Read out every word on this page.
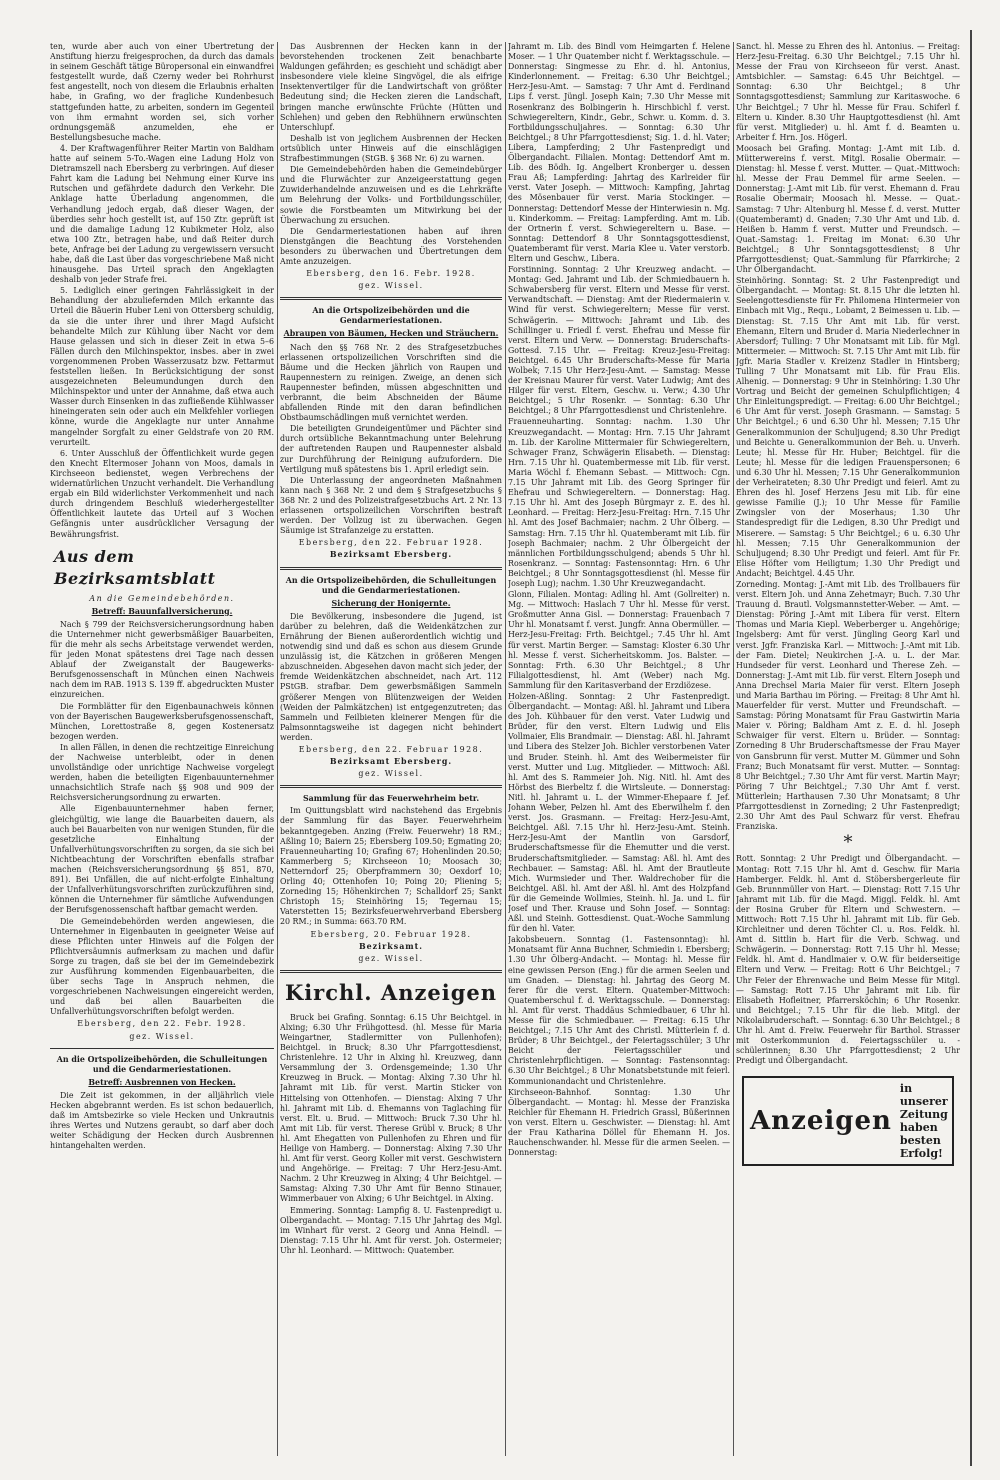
ten, wurde aber auch von einer Übertretung der Anstiftung hierzu freigesprochen, da durch das damals in seinem Geschäft tätige Büropersonal ein einwandfrei festgestellt wurde, daß Czerny weder bei Rohrhurst fest angestellt, noch von diesem die Erlaubnis erhalten habe, in Grafing, wo der fragliche Kundenbesuch stattgefunden hatte, zu arbeiten, sondern im Gegenteil von ihm ermahnt worden sei, sich vorher ordnungsgemäß anzumelden, ehe er Bestellungsbesuche mache.

4. Der Kraftwagenführer Reiter Martin von Baldham hatte auf seinem 5-To.-Wagen eine Ladung Holz von Dietramszell nach Ebersberg zu verbringen. Auf dieser Fahrt kam die Ladung bei Nehmung einer Kurve ins Rutschen und gefährdete dadurch den Verkehr. Die Anklage hatte Überladung angenommen, die Verhandlung jedoch ergab, daß dieser Wagen, der überdies sehr hoch gestellt ist, auf 150 Ztr. geprüft ist und die damalige Ladung 12 Kubikmeter Holz, also etwa 100 Ztr., betragen habe, und daß Reiter durch bete, Anfrage bei der Ladung zu vergewissern versucht habe, daß die Last über das vorgeschriebene Maß nicht hinausgehe. Das Urteil sprach den Angeklagten deshalb von jeder Strafe frei.

5. Lediglich einer geringen Fahrlässigkeit in der Behandlung der abzuliefernden Milch erkannte das Urteil die Bäuerin Huber Leni von Ottersberg schuldig, da sie die unter ihrer und ihrer Magd Aufsicht behandelte Milch zur Kühlung über Nacht vor dem Hause gelassen und sich in dieser Zeit in etwa 5–6 Fällen durch den Milchinspektor, insbes. aber in zwei vorgenommenen Proben Wasserzusatz bzw. Fettarmut feststellen ließen. In Berücksichtigung der sonst ausgezeichneten Beleumundungen durch den Milchinspektor und unter der Annahme, daß etwa auch Wasser durch Einsenken in das zufließende Kühlwasser hineingeraten sein oder auch ein Melkfehler vorliegen könne, wurde die Angeklagte nur unter Annahme mangelnder Sorgfalt zu einer Geldstrafe von 20 RM. verurteilt.

6. Unter Ausschluß der Öffentlichkeit wurde gegen den Knecht Eltermoser Johann von Moos, damals in Kirchseeon bedienstet, wegen Verbrechens der widernatürlichen Unzucht verhandelt. Die Verhandlung ergab ein Bild widerlichster Verkommenheit und nach durch dringendem Beschluß wiederhergestellter Öffentlichkeit lautete das Urteil auf 3 Wochen Gefängnis unter ausdrücklicher Versagung der Bewährungsfrist.

Aus dem Bezirksamtsblatt
An die Gemeindebehörden.
Betreff: Bauunfallversicherung.

Nach § 799 der Reichsversicherungsordnung haben die Unternehmer nicht gewerbsmäßiger Bauarbeiten, für die mehr als sechs Arbeitstage verwendet werden, für jeden Monat spätestens drei Tage nach dessen Ablauf der Zweiganstalt der Baugewerks-Berufsgenossenschaft in München einen Nachweis nach dem im RAB. 1913 S. 139 ff. abgedruckten Muster einzureichen.

Die Formblätter für den Eigenbaunachweis können von der Bayerischen Baugewerksberufsgenossenschaft, München, Lorettostraße 8, gegen Kostenersatz bezogen werden.

In allen Fällen, in denen die rechtzeitige Einreichung der Nachweise unterbleibt, oder in denen unvollständige oder unrichtige Nachweise vorgelegt werden, haben die beteiligten Eigenbauunternehmer unnachsichtlich Strafe nach §§ 908 und 909 der Reichsversicherungsordnung zu erwarten.

Alle Eigenbauunternehmer haben ferner, gleichgültig, wie lange die Bauarbeiten dauern, als auch bei Bauarbeiten von nur wenigen Stunden, für die gesetzliche Einhaltung der Unfallverhütungsvorschriften zu sorgen, da sie sich bei Nichtbeachtung der Vorschriften ebenfalls strafbar machen (Reichsversicherungsordnung §§ 851, 870, 891). Bei Unfällen, die auf nicht-erfolgte Einhaltung der Unfallverhütungsvorschriften zurückzuführen sind, können die Unternehmer für sämtliche Aufwendungen der Berufsgenossenschaft haftbar gemacht werden.

Die Gemeindebehörden werden angewiesen, die Unternehmer in Eigenbauten in geeigneter Weise auf diese Pflichten unter Hinweis auf die Folgen der Pflichtversäumnis aufmerksam zu machen und dafür Sorge zu tragen, daß sie bei der im Gemeindebezirk zur Ausführung kommenden Eigenbauarbeiten, die über sechs Tage in Anspruch nehmen, die vorgeschriebenen Nachweisungen eingereicht werden, und daß bei allen Bauarbeiten die Unfallverhütungsvorschriften befolgt werden.

Ebersberg, den 22. Febr. 1928.
gez. Wissel.
An die Ortspolizeibehörden, die Schulleitungen und die Gendarmeriestationen.
Betreff: Ausbrennen von Hecken.

Die Zeit ist gekommen, in der alljährlich viele Hecken abgebrannt werden. Es ist schon bedauerlich, daß im Amtsbezirke so viele Hecken und Unkrautnis ihres Wertes und Nutzens geraubt, so darf aber doch weiter Schädigung der Hecken durch Ausbrennen hintangehalten werden.

Das Ausbrennen der Hecken kann in der bevorstehenden trockenen Zeit benachbarte Waldungen gefährden; es geschieht und schädigt aber insbesondere viele kleine Singvögel, die als eifrige Insektenvertilger für die Landwirtschaft von größter Bedeutung sind; die Hecken zieren die Landschaft, bringen manche erwünschte Früchte (Hütten und Schlehen) und geben den Rebhühnern erwünschten Unterschlupf.

Deshalb ist von jeglichem Ausbrennen der Hecken ortsüblich unter Hinweis auf die einschlägigen Strafbestimmungen (StGB. § 368 Nr. 6) zu warnen.

Die Gemeindebehörden haben die Gemeindebürger und die Flurwächter zur Anzeigeerstattung gegen Zuwiderhandelnde anzuweisen und es die Lehrkräfte um Belehrung der Volks- und Fortbildungsschüler, sowie die Forstbeamten um Mitwirkung bei der Überwachung zu ersuchen.

Die Gendarmeriestationen haben auf ihren Dienstgängen die Beachtung des Vorstehenden besonders zu überwachen und Übertretungen dem Amte anzuzeigen.

Ebersberg, den 16. Febr. 1928.
gez. Wissel.
An die Ortspolizeibehörden und die Gendarmeriestationen.
Abraupen von Bäumen, Hecken und Sträuchern.

Nach den §§ 768 Nr. 2 des Strafgesetzbuches erlassenen ortspolizeilichen Vorschriften sind die Bäume und die Hecken jährlich von Raupen und Raupennestern zu reinigen. Zweige, an denen sich Raupennester befinden, müssen abgeschnitten und verbrannt, die beim Abschneiden der Bäume abfallenden Rinde mit den daran befindlichen Obstbaumschädlingen muß vernichtet werden.

Die beteiligten Grundeigentümer und Pächter sind durch ortsübliche Bekanntmachung unter Belehrung der auftretenden Raupen und Raupennester alsbald zur Durchführung der Reinigung aufzufordern. Die Vertilgung muß spätestens bis 1. April erledigt sein.

Die Unterlassung der angeordneten Maßnahmen kann nach § 368 Nr. 2 und dem § Strafgesetzbuchs § 368 Nr. 2 und des Polizeistrafgesetzbuchs Art. 2 Nr. 13 erlassenen ortspolizeilichen Vorschriften bestraft werden. Der Vollzug ist zu überwachen. Gegen Säumige ist Strafanzeige zu erstatten.

Ebersberg, den 22. Februar 1928.
Bezirksamt Ebersberg.
An die Ortspolizeibehörden, die Schulleitungen und die Gendarmeriestationen.
Sicherung der Honigernte.

Die Bevölkerung, insbesondere die Jugend, ist darüber zu belehren, daß die Weidenkätzchen zur Ernährung der Bienen außerordentlich wichtig und notwendig sind und daß es schon aus diesem Grunde unzulässig ist, die Kätzchen in größeren Mengen abzuschneiden. Abgesehen davon macht sich jeder, der fremde Weidenkätzchen abschneidet, nach Art. 112 PStGB. strafbar. Dem gewerbsmäßigen Sammeln größerer Mengen von Blütenzweigen der Weiden (Weiden der Palmkätzchen) ist entgegenzutreten; das Sammeln und Feilbieten kleinerer Mengen für die Palmsonntagsweihe ist dagegen nicht behindert werden.

Ebersberg, den 22. Februar 1928.
Bezirksamt Ebersberg.
gez. Wissel.
Sammlung für das Feuerwehrheim betr.

Im Quittungsblatt wird nachstehend das Ergebnis der Sammlung für das Bayer. Feuerwehrheim bekanntgegeben. Anzing (Freiw. Feuerwehr) 18 RM.; Aßling 10; Baiern 25; Ebersberg 109.50; Egmating 20; Frauenneuharting 10; Grafing 67; Hohenlinden 20.50; Kammerberg 5; Kirchseeon 10; Moosach 30; Netterndorf 25; Oberpframmern 30; Oexdorf 10; Orling 40; Ottenhofen 10; Poing 20; Pliening 5; Zorneding 15; Höhenkirchen 7; Schalldorf 25; Sankt Christoph 15; Steinhöring 15; Tegernau 15; Vaterstetten 15; Bezirksfeuerwehrverband Ebersberg 20 RM.; in Summa: 663.70 RM.

Ebersberg, 20. Februar 1928.
Bezirksamt.
gez. Wissel.
Kirchl. Anzeigen

Bruck bei Grafing. Sonntag: 6.15 Uhr Beichtgel. in Alxing; 6.30 Uhr Frühgottesd. (hl. Messe für Maria Weingartner, Stadlermitter von Pullenhofen); Beichtgel. in Bruck; 8.30 Uhr Pfarrgottesdienst, Christenlehre. 12 Uhr in Alxing hl. Kreuzweg, dann Versammlung der 3. Ordensgemeinde; 1.30 Uhr Kreuzweg in Bruck. — Montag: Alxing 7.30 Uhr hl. Jahramt mit Lib. für verst. Martin Sticker von Hittelsing von Ottenhofen. — Dienstag: Alxing 7 Uhr hl. Jahramt mit Lib. d. Ehemanns von Taglaching für verst. Elt. u. Brud. — Mittwoch: Bruck 7.30 Uhr hl. Amt mit Lib. für verst. Therese Grübl v. Bruck; 8 Uhr hl. Amt Ehegatten von Pullenhofen zu Ehren und für Heilige von Hamberg. — Donnerstag: Alxing 7.30 Uhr hl. Amt für verst. Georg Koller mit verst. Geschwistern und Angehörige. — Freitag: 7 Uhr Herz-Jesu-Amt. Nachm. 2 Uhr Kreuzweg in Alxing; 4 Uhr Beichtgel. — Samstag: Alxing 7.30 Uhr Amt für Benno Stinauer, Wimmerbauer von Alxing; 6 Uhr Beichtgel. in Alxing.

Emmering. Sonntag: Lampfig 8. U. Fastenpredigt u. Olbergandacht. — Montag: 7.15 Uhr Jahrtag des Mgl. im Winhart für verst. 2 Georg und Anna Heindl. — Dienstag: 7.15 Uhr hl. Amt für verst. Joh. Ostermeier; Uhr hl. Leonhard. — Mittwoch: Quatember.

Jahramt m. Lib. des Bindl vom Heimgarten f. Helene Moser. — 1 Uhr Quatember nicht f. Werktagsschule. — Donnerstag: Singmesse zu Ehr. d. hl. Antonius, Kinderlonnement. — Freitag: 6.30 Uhr Beichtgel.; Herz-Jesu-Amt. — Samstag: 7 Uhr Amt d. Ferdinand Lips f. verst. Jüngl. Joseph Kain; 7.30 Uhr Messe mit Rosenkranz des Bolbingerin h. Hirschbichl f. verst. Schwiegereltern, Kindr., Gebr., Schwr. u. Komm. d. 3. Fortbildungsschuljahres. — Sonntag: 6.30 Uhr Beichtgel.; 8 Uhr Pfarrgottesdienst; Sig. 1. d. hl. Vater; Libera, Lampferding; 2 Uhr Fastenpredigt und Ölbergandacht. Filialen. Montag: Dettendorf Amt m. Lib. des Bödh. Ig. Angelbert Kronberger u. dessen Frau Aß; Lampferding: Jahrtag des Karlreider für verst. Vater Joseph. — Mittwoch: Kampfing, Jahrtag des Mösenbauer für verst. Maria Stockinger. — Donnerstag: Dettendorf Messe der Hinterwiesin n. Mg. u. Kinderkomm. — Freitag: Lampferding. Amt m. Lib. der Ortnerin f. verst. Schwiegereltern u. Base. — Sonntag: Dettendorf 8 Uhr Sonntagsgottesdienst, Quatemberamt für verst. Maria Klee u. Vater verstorb. Eltern und Geschw., Libera.

Forstinning. Sonntag: 2 Uhr Kreuzweg andacht. — Montag: Ged. Jahramt und Lib. der Schmiedbauern h. Schwabersberg für verst. Eltern und Messe für verst. Verwandtschaft. — Dienstag: Amt der Riedermaierin v. Wind für verst. Schwiegereltern; Messe für verst. Schwägerin. — Mittwoch: Jahramt und Lib. des Schillinger u. Friedl f. verst. Ehefrau und Messe für verst. Eltern und Verw. — Donnerstag: Bruderschafts-Gottesd. 7.15 Uhr. — Freitag: Kreuz-Jesu-Freitag: Beichtgel. 6.45 Uhr Bruderschafts-Messe für Maria Wolbek; 7.15 Uhr Herz-Jesu-Amt. — Samstag: Messe der Kreisnau Maurer für verst. Vater Ludwig; Amt des Hilger für verst. Eltern, Geschw. u. Verw.; 4.30 Uhr Beichtgel.; 5 Uhr Rosenkr. — Sonntag: 6.30 Uhr Beichtgel.; 8 Uhr Pfarrgottesdienst und Christenlehre.

Frauenneuharting. Sonntag: nachm. 1.30 Uhr Kreuzwegandacht. — Montag: Hrn. 7.15 Uhr Jahramt m. Lib. der Karoline Mittermaier für Schwiegereltern, Schwager Franz, Schwägerin Elisabeth. — Dienstag: Hrn. 7.15 Uhr hl. Quatembermesse mit Lib. für verst. Maria Wöchl f. Ehemann Sebast. — Mittwoch: Cgn. 7.15 Uhr Jahramt mit Lib. des Georg Springer für Ehefrau und Schwiegereltern. — Donnerstag: Hag. 7.15 Uhr hl. Amt des Joseph Bürgmayr z. E. des hl. Leonhard. — Freitag: Herz-Jesu-Freitag: Hrn. 7.15 Uhr hl. Amt des Josef Bachmaier; nachm. 2 Uhr Ölberg. — Samstag: Hrn. 7.15 Uhr hl. Quatemberamt mit Lib. für Joseph Bachmaier; nachm. 2 Uhr Ölbergeicht der männlichen Fortbildungsschulgend; abends 5 Uhr hl. Rosenkranz. — Sonntag: Fastensonntag: Hrn. 6 Uhr Beichtgel.; 8 Uhr Sonntagsgottesdienst (hl. Messe für Joseph Lug); nachm. 1.30 Uhr Kreuzwegandacht.

Glonn, Filialen. Montag: Adling hl. Amt (Gollreiter) n. Mg. — Mittwoch: Haslach 7 Uhr hl. Messe für verst. Großmutter Anna Gisl. — Donnerstag: Frauenbach 7 Uhr hl. Monatsamt f. verst. Jungfr. Anna Obermüller. — Herz-Jesu-Freitag: Frth. Beichtgel.; 7.45 Uhr hl. Amt für verst. Martin Berger. — Samstag: Kloster 6.30 Uhr hl. Messe f. verst. Sicherheitskomm. Jos. Balster. — Sonntag: Frth. 6.30 Uhr Beichtgel.; 8 Uhr Filialgottesdienst, hl. Amt (Weber) nach Mg. Sammlung für den Karitasverband der Erzdiözese.

Holzen-Aßling. Sonntag: 2 Uhr Fastenpredigt. Ölbergandacht. — Montag: Aßl. hl. Jahramt und Libera des Joh. Kühbauer für den verst. Vater Ludwig und Brüder, für den verst. Eltern Ludwig und Elis Vollmaier, Elis Brandmair. — Dienstag: Aßl. hl. Jahramt und Libera des Stelzer Joh. Bichler verstorbenen Vater und Bruder. Steinh. hl. Amt des Weibermeister für verst. Mutter und Lug. Mitglieder. — Mittwoch: Aßl. hl. Amt des S. Rammeier Joh. Nig. Nitl. hl. Amt des Hörbst des Bierbeltz f. die Wirtsleute. — Donnerstag: Nitl. hl. Jahramt u. L. der Wimmer-Ehepaare f. Jef. Johann Weber, Pelzen hl. Amt des Eberwilhelm f. den verst. Jos. Grasmann. — Freitag: Herz-Jesu-Amt, Beichtgel. Aßl. 7.15 Uhr hl. Herz-Jesu-Amt. Steinh. Herz-Jesu-Amt der Mantlin von Garsdorf, Bruderschaftsmesse für die Ehemutter und die verst. Bruderschaftsmitglieder. — Samstag: Aßl. hl. Amt des Rechbauer. — Samstag: Aßl. hl. Amt der Brautleute Mich. Wurmsieder und Ther. Waldrechober für die Beichtgel. Aßl. hl. Amt der Aßl. hl. Amt des Holzpfand für die Gemeinde Wollmies, Steinh. hl. Ja. und L. für Josef und Ther. Krause und Sohn Josef. — Sonntag: Aßl. und Steinh. Gottesdienst. Quat.-Woche Sammlung für den hl. Vater.

Jakobsbeuern. Sonntag (1. Fastensonntag): hl. Monatsamt für Anna Buchner, Schmiedin i. Ebersberg; 1.30 Uhr Ölberg-Andacht. — Montag: hl. Messe für eine gewissen Person (Eng.) für die armen Seelen und um Gnaden. — Dienstag: hl. Jahrtag des Georg M. ferer für die verst. Eltern. Quatember-Mittwoch: Quatemberschul f. d. Werktagsschule. — Donnerstag: hl. Amt für verst. Thaddäus Schmiedbauer, 6 Uhr hl. Messe für die Schmiedbauer. — Freitag: 6.15 Uhr Beichtgel.; 7.15 Uhr Amt des Christl. Mütterlein f. d. Brüder; 8 Uhr Beichtgel., der Feiertagsschüler; 3 Uhr Beicht der Feiertagsschüler und Christenlehrpflichtigen. — Sonntag: Fastensonntag: 6.30 Uhr Beichtgel.; 8 Uhr Monatsbetstunde mit feierl. Kommunionandacht und Christenlehre.

Kirchseeon-Bahnhof. Sonntag: 1.30 Uhr Ölbergandacht. — Montag: hl. Messe der Franziska Reichler für Ehemann H. Friedrich Grassl, Büßerinnen von verst. Eltern u. Geschwister. — Dienstag: hl. Amt der Frau Katharina Döllel für Ehemann H. Jos. Rauchenschwander. hl. Messe für die armen Seelen. — Donnerstag:

Sanct. hl. Messe zu Ehren des hl. Antonius. — Freitag: Herz-Jesu-Freitag. 6.30 Uhr Beichtgel.; 7.15 Uhr hl. Messe der Frau von Kirchseeon für verst. Anast. Amtsbichler. — Samstag: 6.45 Uhr Beichtgel. — Sonntag: 6.30 Uhr Beichtgel.; 8 Uhr Sonntagsgottesdienst; Sammlung zur Karitaswoche. 6 Uhr Beichtgel.; 7 Uhr hl. Messe für Frau. Schiferl f. Eltern u. Kinder. 8.30 Uhr Hauptgottesdienst (hl. Amt für verst. Mitglieder) u. hl. Amt f. d. Beamten u. Arbeiter f. Hrn. Jos. Högerl.

Moosach bei Grafing. Montag: J.-Amt mit Lib. d. Mütterwereins f. verst. Mitgl. Rosalie Obermair. — Dienstag: hl. Messe f. verst. Mutter. — Quat.-Mittwoch: hl. Messe der Frau Demmel für arme Seelen. — Donnerstag: J.-Amt mit Lib. für verst. Ehemann d. Frau Rosalie Obermair; Moosach hl. Messe. — Quat.-Samstag: 7 Uhr: Altenburg hl. Messe f. d. verst. Mutter (Quatemberamt) d. Gnaden; 7.30 Uhr Amt und Lib. d. Heißen b. Hamm f. verst. Mutter und Freundsch. — Quat.-Samstag: 1. Freitag im Monat: 6.30 Uhr Beichtgel.; 8 Uhr Sonntagsgottesdienst; 8 Uhr Pfarrgottesdienst; Quat.-Sammlung für Pfarrkirche; 2 Uhr Ölbergandacht.

Steinhöring. Sonntag: St. 2 Uhr Fastenpredigt und Ölbergandacht. — Montag: St. 8.15 Uhr die letzten hl. Seelengottesdienste für Fr. Philomena Hintermeier von Einbach mit Vig., Requ., Lobamt, 2 Beimessen u. Lib. — Dienstag: St. 7.15 Uhr Amt mit Lib. für verst. Ehemann, Eltern und Bruder d. Maria Niederlechner in Abersdorf; Tulling: 7 Uhr Monatsamt mit Lib. für Mgl. Mittermeier. — Mittwoch: St. 7.15 Uhr Amt mit Lib. für Jgfr. Maria Stadler v. Kreizenz Stadler in Hintsberg; Tulling 7 Uhr Monatsamt mit Lib. für Frau Elis. Alhenig. — Donnerstag: 9 Uhr in Steinhöring: 1.30 Uhr Vortrag und Beicht der gemeinen Schulpflichtigen; 4 Uhr Einleitungspredigt. — Freitag: 6.00 Uhr Beichtgel.; 6 Uhr Amt für verst. Joseph Grasmann. — Samstag: 5 Uhr Beichtgel.; 6 und 6.30 Uhr hl. Messen; 7.15 Uhr Generalkommunion der Schuljugend; 8.30 Uhr Predigt und Beichte u. Generalkommunion der Beh. u. Unverh. Leute; hl. Messe für Hr. Huber; Beichtgel. für die Leute; hl. Messe für die ledigen Frauenspersonen; 6 und 6.30 Uhr hl. Messen; 7.15 Uhr Generalkommunion der Verheirateten; 8.30 Uhr Predigt und feierl. Amt zu Ehren des hl. Josef Herzens Jesu mit Lib. für eine gewisse Familie (J.); 10 Uhr Messe für Familie Zwingsler von der Moserhaus; 1.30 Uhr Standespredigt für die Ledigen, 8.30 Uhr Predigt und Miserere. — Samstag: 5 Uhr Beichtgel.; 6 u. 6.30 Uhr hl. Messen; 7.15 Uhr Generalkommunion der Schuljugend; 8.30 Uhr Predigt und feierl. Amt für Fr. Elise Höfter vom Heiligtum; 1.30 Uhr Predigt und Andacht; Beichtgel. 4.45 Uhr.

Zorneding. Montag: J.-Amt mit Lib. des Trollbauers für verst. Eltern Joh. und Anna Zehetmayr; Buch. 7.30 Uhr Trauung d. Brautl. Volgsmannstetter-Weber. — Amt. — Dienstag: Pöring J.-Amt mit Libera für verst. Eltern Thomas und Maria Kiepl. Weberberger u. Angehörige; Ingelsberg: Amt für verst. Jüngling Georg Karl und verst. Jgfr. Franziska Karl. — Mittwoch: J.-Amt mit Lib. der Fam. Dietel; Neukirchen J.-A. u. L. der Mar. Hundseder für verst. Leonhard und Therese Zeh. — Donnerstag: J.-Amt mit Lib. für verst. Eltern Joseph und Anna Drechsel Maria Maier für verst. Eltern Joseph und Maria Barthau im Pöring. — Freitag: 8 Uhr Amt hl. Mauerfelder für verst. Mutter und Freundschaft. — Samstag: Pöring Monatsamt für Frau Gastwirtin Maria Maier v. Pöring; Baldham Amt z. E. d. hl. Joseph Schwaiger für verst. Eltern u. Brüder. — Sonntag: Zorneding 8 Uhr Bruderschaftsmesse der Frau Mayer von Gansbrunn für verst. Mutter M. Gümmer und Sohn Franz; Buch Monatsamt für verst. Mutter. — Sonntag: 8 Uhr Beichtgel.; 7.30 Uhr Amt für verst. Martin Mayr; Pöring 7 Uhr Beichtgel.; 7.30 Uhr Amt f. verst. Mütterlein; Harthausen 7.30 Uhr Monatsamt; 8 Uhr Pfarrgottesdienst in Zorneding; 2 Uhr Fastenpredigt; 2.30 Uhr Amt des Paul Schwarz für verst. Ehefrau Franziska.

*

Rott. Sonntag: 2 Uhr Predigt und Ölbergandacht. — Montag: Rott 7.15 Uhr hl. Amt d. Geschw. für Maria Hamberger. Feldk. hl. Amt d. Stöbersbergerleute für Geb. Brunnmüller von Hart. — Dienstag: Rott 7.15 Uhr Jahramt mit Lib. für die Magd. Miggl. Feldk. hl. Amt der Rosina Gruber für Eltern und Schwestern. — Mittwoch: Rott 7.15 Uhr hl. Jahramt mit Lib. für Geb. Kirchleitner und deren Töchter Cl. u. Ros. Feldk. hl. Amt d. Sittlin b. Hart für die Verb. Schwag. und Schwägerin. — Donnerstag: Rott 7.15 Uhr hl. Messe; Feldk. hl. Amt d. Handlmaier v. O.W. für beiderseitige Eltern und Verw. — Freitag: Rott 6 Uhr Beichtgel.; 7 Uhr Feier der Ehrenwache und Beim Messe für Mitgl. — Samstag: Rott 7.15 Uhr Jahramt mit Lib. für Elisabeth Hofleitner, Pfarrersköchin; 6 Uhr Rosenkr. und Beichtgel.; 7.15 Uhr für die lieb. Mitgl. der Nikolaibruderschaft. — Sonntag: 6.30 Uhr Beichtgel.; 8 Uhr hl. Amt d. Freiw. Feuerwehr für Barthol. Strasser mit Osterkommunion d. Feiertagsschüler u. -schülerinnen; 8.30 Uhr Pfarrgottesdienst; 2 Uhr Predigt und Ölbergandacht.

Anzeigen
in unserer Zeitung
haben besten Erfolg!
